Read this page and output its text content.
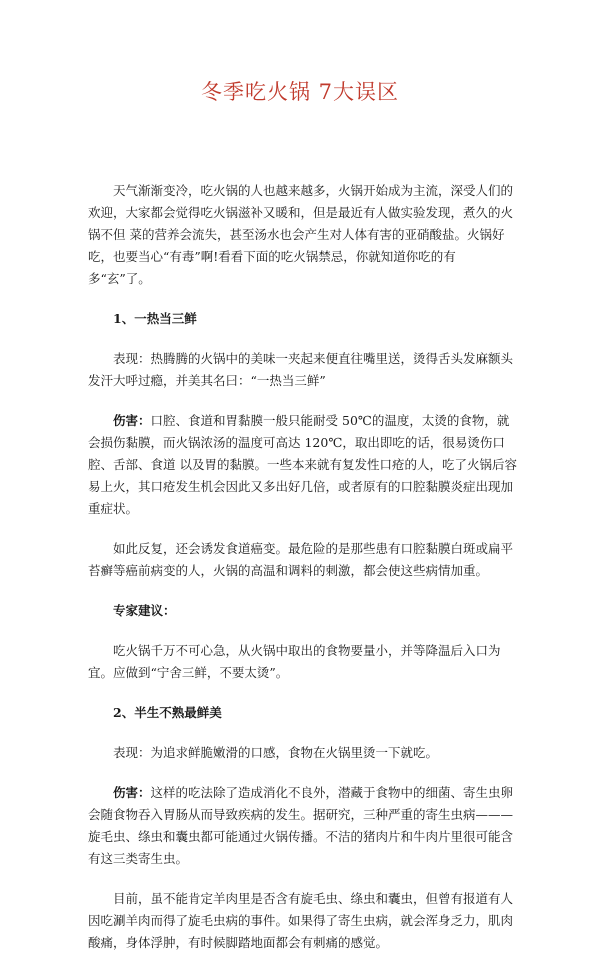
冬季吃火锅 7大误区

天气渐渐变冷，吃火锅的人也越来越多，火锅开始成为主流，深受人们的欢迎，大家都会觉得吃火锅滋补又暖和，但是最近有人做实验发现，煮久的火锅不但 菜的营养会流失，甚至汤水也会产生对人体有害的亚硝酸盐。火锅好吃，也要当心“有毒”啊!看看下面的吃火锅禁忌，你就知道你吃的有多“玄”了。

1、一热当三鲜

表现：热腾腾的火锅中的美味一夹起来便直往嘴里送，烫得舌头发麻额头发汗大呼过瘾，并美其名曰：“一热当三鲜”

伤害：口腔、食道和胃黏膜一般只能耐受 50℃的温度，太烫的食物，就会损伤黏膜，而火锅浓汤的温度可高达 120℃，取出即吃的话，很易烫伤口腔、舌部、食道 以及胃的黏膜。一些本来就有复发性口疮的人，吃了火锅后容易上火，其口疮发生机会因此又多出好几倍，或者原有的口腔黏膜炎症出现加重症状。

如此反复，还会诱发食道癌变。最危险的是那些患有口腔黏膜白斑或扁平苔癣等癌前病变的人，火锅的高温和调料的刺激，都会使这些病情加重。

专家建议：

吃火锅千万不可心急，从火锅中取出的食物要量小，并等降温后入口为宜。应做到“宁舍三鲜，不要太烫”。

2、半生不熟最鲜美

表现：为追求鲜脆嫩滑的口感，食物在火锅里烫一下就吃。

伤害：这样的吃法除了造成消化不良外，潜藏于食物中的细菌、寄生虫卵会随食物吞入胃肠从而导致疾病的发生。据研究，三种严重的寄生虫病———旋毛虫、绦虫和囊虫都可能通过火锅传播。不洁的猪肉片和牛肉片里很可能含有这三类寄生虫。

目前，虽不能肯定羊肉里是否含有旋毛虫、绦虫和囊虫，但曾有报道有人因吃涮羊肉而得了旋毛虫病的事件。如果得了寄生虫病，就会浑身乏力，肌肉酸痛，身体浮肿，有时候脚踏地面都会有刺痛的感觉。
